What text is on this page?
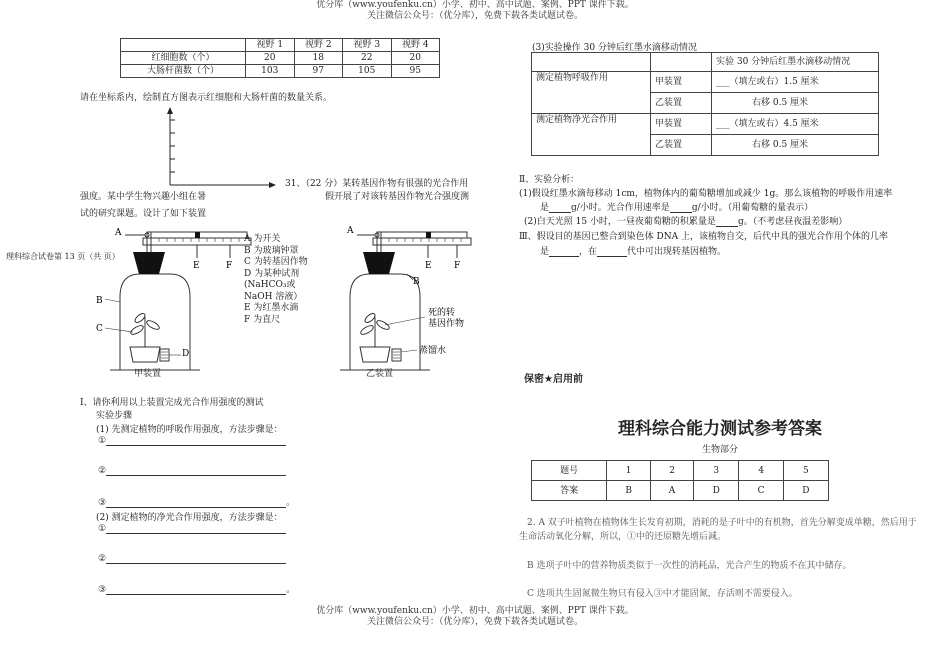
优分库（www.youfenku.cn）小学、初中、高中试题、案例、PPT 课件下载。
关注微信公众号：（优分库），免费下载各类试题试卷。
	视野 1	视野 2	视野 3	视野 4
红细胞数（个）	20	18	22	20
大肠杆菌数（个）	103	97	105	95
请在坐标系内，绘制直方图表示红细胞和大肠杆菌的数量关系。
31、（22 分）某转基因作物有很强的光合作用
强度。某中学生物兴趣小组在暑	假开展了对该转基因作物光合强度测
试的研究课题。设计了如下装置
理科综合试卷第 13 页（共 页）
A
B
C
D
E	F
A
B
E F
死的转
基因作物
蒸馏水
A 为开关
B 为玻璃钟罩
C 为转基因作物
D 为某种试剂
(NaHCO₃或
NaOH 溶液）
E 为红墨水滴
F 为直尺
甲装置	乙装置
I、请你利用以上装置完成光合作用强度的测试
实验步骤
(1) 先测定植物的呼吸作用强度，方法步骤是：
①
②
③	。
(2) 测定植物的净光合作用强度，方法步骤是：
①
②
③	。
(3)实验操作 30 分钟后红墨水滴移动情况
		实验 30 分钟后红墨水滴移动情况
测定植物呼吸作用	甲装置	___（填左或右）1.5 厘米
	乙装置	右移 0.5 厘米
测定植物净光合作用	甲装置	___（填左或右）4.5 厘米
	乙装置	右移 0.5 厘米
Ⅱ、实验分析：
(1)假设红墨水滴每移动 1cm，植物体内的葡萄糖增加或减少 1g。那么该植物的呼吸作用速率
是 g/小时。光合作用速率是 g/小时。（用葡萄糖的量表示）
(2)白天光照 15 小时，一昼夜葡萄糖的积累量是 g。（不考虑昼夜温差影响）
Ⅲ、假设目的基因已整合到染色体 DNA 上，该植物自交，后代中具的强光合作用个体的几率
是	，在	代中可出现转基因植物。
保密★启用前
理科综合能力测试参考答案
生物部分
题号	1	2	3	4	5
答案	B	A	D	C	D
2. A 双子叶植物在植物体生长发育初期，消耗的是子叶中的有机物，首先分解变成单糖，然后用于生命活动氧化分解，所以，①中的还原糖先增后减。
B 选项子叶中的营养物质类似于一次性的消耗品，光合产生的物质不在其中储存。
C 选项共生固氮微生物只有侵入③中才能固氮，存活则不需要侵入。
优分库（www.youfenku.cn）小学、初中、高中试题、案例、PPT 课件下载。
关注微信公众号：（优分库），免费下载各类试题试卷。
